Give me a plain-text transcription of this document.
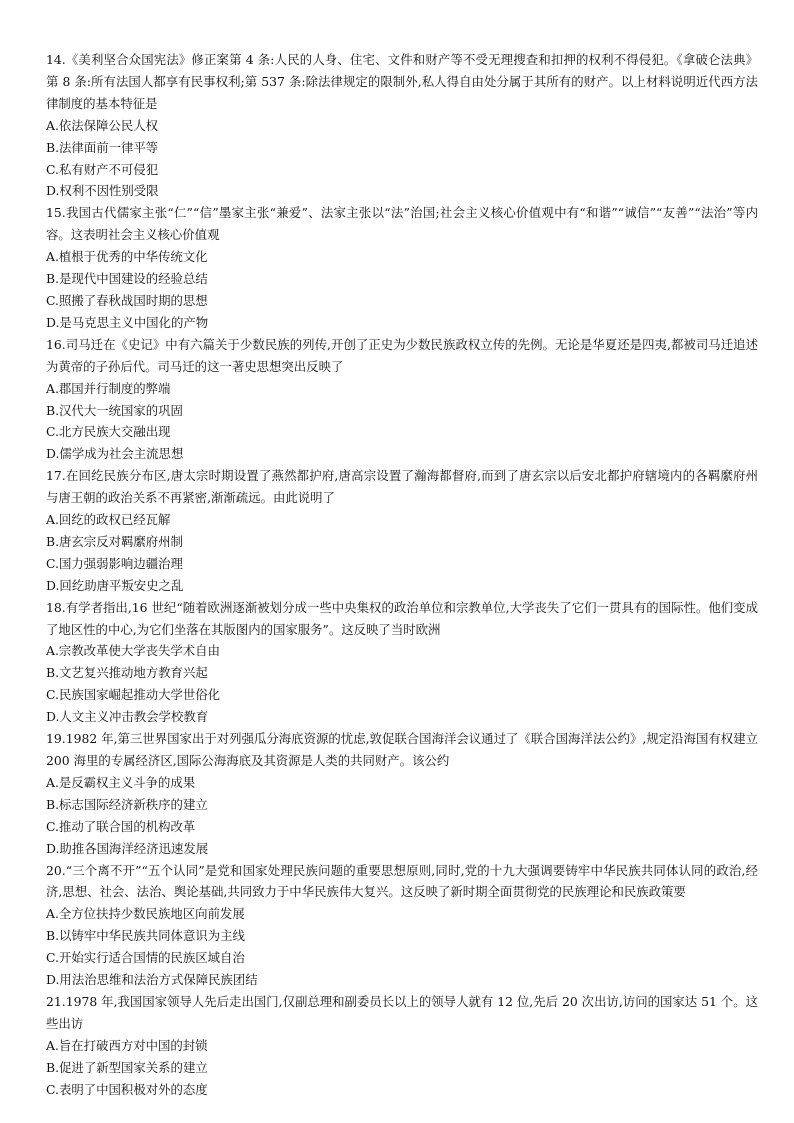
14.《美利坚合众国宪法》修正案第 4 条:人民的人身、住宅、文件和财产等不受无理搜查和扣押的权利不得侵犯。《拿破仑法典》第 8 条:所有法国人都享有民事权利;第 537 条:除法律规定的限制外,私人得自由处分属于其所有的财产。以上材料说明近代西方法律制度的基本特征是

A.依法保障公民人权

B.法律面前一律平等

C.私有财产不可侵犯

D.权利不因性别受限

15.我国古代儒家主张“仁”“信”墨家主张“兼爱”、法家主张以“法”治国;社会主义核心价值观中有“和谐”“诚信”“友善”“法治”等内容。这表明社会主义核心价值观

A.植根于优秀的中华传统文化

B.是现代中国建设的经验总结

C.照搬了春秋战国时期的思想

D.是马克思主义中国化的产物

16.司马迁在《史记》中有六篇关于少数民族的列传,开创了正史为少数民族政权立传的先例。无论是华夏还是四夷,都被司马迁追述为黄帝的子孙后代。司马迁的这一著史思想突出反映了

A.郡国并行制度的弊端

B.汉代大一统国家的巩固

C.北方民族大交融出现

D.儒学成为社会主流思想

17.在回纥民族分布区,唐太宗时期设置了燕然都护府,唐高宗设置了瀚海都督府,而到了唐玄宗以后安北都护府辖境内的各羁縻府州与唐王朝的政治关系不再紧密,渐渐疏远。由此说明了

A.回纥的政权已经瓦解

B.唐玄宗反对羁縻府州制

C.国力强弱影响边疆治理

D.回纥助唐平叛安史之乱

18.有学者指出,16 世纪“随着欧洲逐渐被划分成一些中央集权的政治单位和宗教单位,大学丧失了它们一贯具有的国际性。他们变成了地区性的中心,为它们坐落在其版图内的国家服务”。这反映了当时欧洲

A.宗教改革使大学丧失学术自由

B.文艺复兴推动地方教育兴起

C.民族国家崛起推动大学世俗化

D.人文主义冲击教会学校教育

19.1982 年,第三世界国家出于对列强瓜分海底资源的忧虑,敦促联合国海洋会议通过了《联合国海洋法公约》,规定沿海国有权建立 200 海里的专属经济区,国际公海海底及其资源是人类的共同财产。该公约

A.是反霸权主义斗争的成果

B.标志国际经济新秩序的建立

C.推动了联合国的机构改革

D.助推各国海洋经济迅速发展

20.“三个离不开”“五个认同”是党和国家处理民族问题的重要思想原则,同时,党的十九大强调要铸牢中华民族共同体认同的政治,经济,思想、社会、法治、舆论基础,共同致力于中华民族伟大复兴。这反映了新时期全面贯彻党的民族理论和民族政策要

A.全方位扶持少数民族地区向前发展

B.以铸牢中华民族共同体意识为主线

C.开始实行适合国情的民族区域自治

D.用法治思维和法治方式保障民族团结

21.1978 年,我国国家领导人先后走出国门,仅副总理和副委员长以上的领导人就有 12 位,先后 20 次出访,访问的国家达 51 个。这些出访

A.旨在打破西方对中国的封锁

B.促进了新型国家关系的建立

C.表明了中国积极对外的态度
